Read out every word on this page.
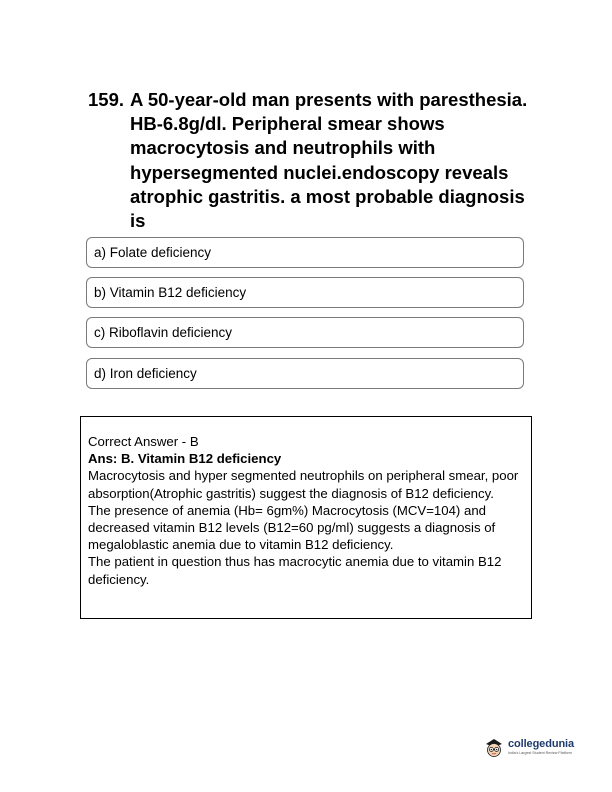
159. A 50-year-old man presents with paresthesia. HB-6.8g/dl. Peripheral smear shows macrocytosis and neutrophils with hypersegmented nuclei.endoscopy reveals atrophic gastritis. a most probable diagnosis is
a) Folate deficiency
b) Vitamin B12 deficiency
c) Riboflavin deficiency
d) Iron deficiency

Correct Answer - B

Ans: B. Vitamin B12 deficiency

Macrocytosis and hyper segmented neutrophils on peripheral smear, poor absorption(Atrophic gastritis) suggest the diagnosis of B12 deficiency.

The presence of anemia (Hb= 6gm%) Macrocytosis (MCV=104) and decreased vitamin B12 levels (B12=60 pg/ml) suggests a diagnosis of megaloblastic anemia due to vitamin B12 deficiency.

The patient in question thus has macrocytic anemia due to vitamin B12 deficiency.

collegedunia
India's Largest Student Review Platform
